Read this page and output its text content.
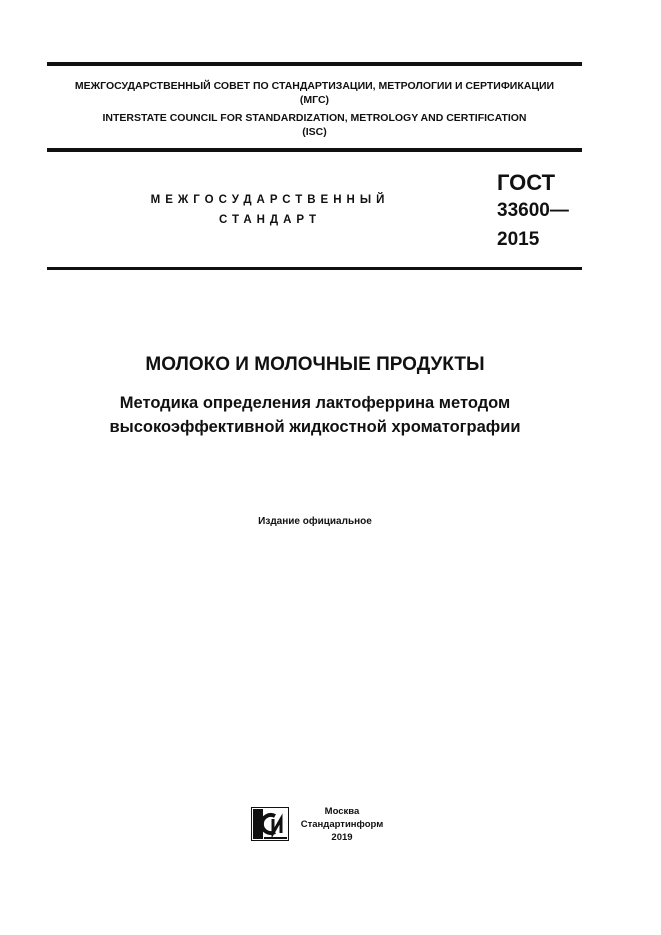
МЕЖГОСУДАРСТВЕННЫЙ СОВЕТ ПО СТАНДАРТИЗАЦИИ, МЕТРОЛОГИИ И СЕРТИФИКАЦИИ
(МГС)
INTERSTATE COUNCIL FOR STANDARDIZATION, METROLOGY AND CERTIFICATION
(ISC)
МЕЖГОСУДАРСТВЕННЫЙ
СТАНДАРТ
ГОСТ
33600—
2015
МОЛОКО И МОЛОЧНЫЕ ПРОДУКТЫ
Методика определения лактоферрина методом
высокоэффективной жидкостной хроматографии
Издание официальное
Москва
Стандартинформ
2019
